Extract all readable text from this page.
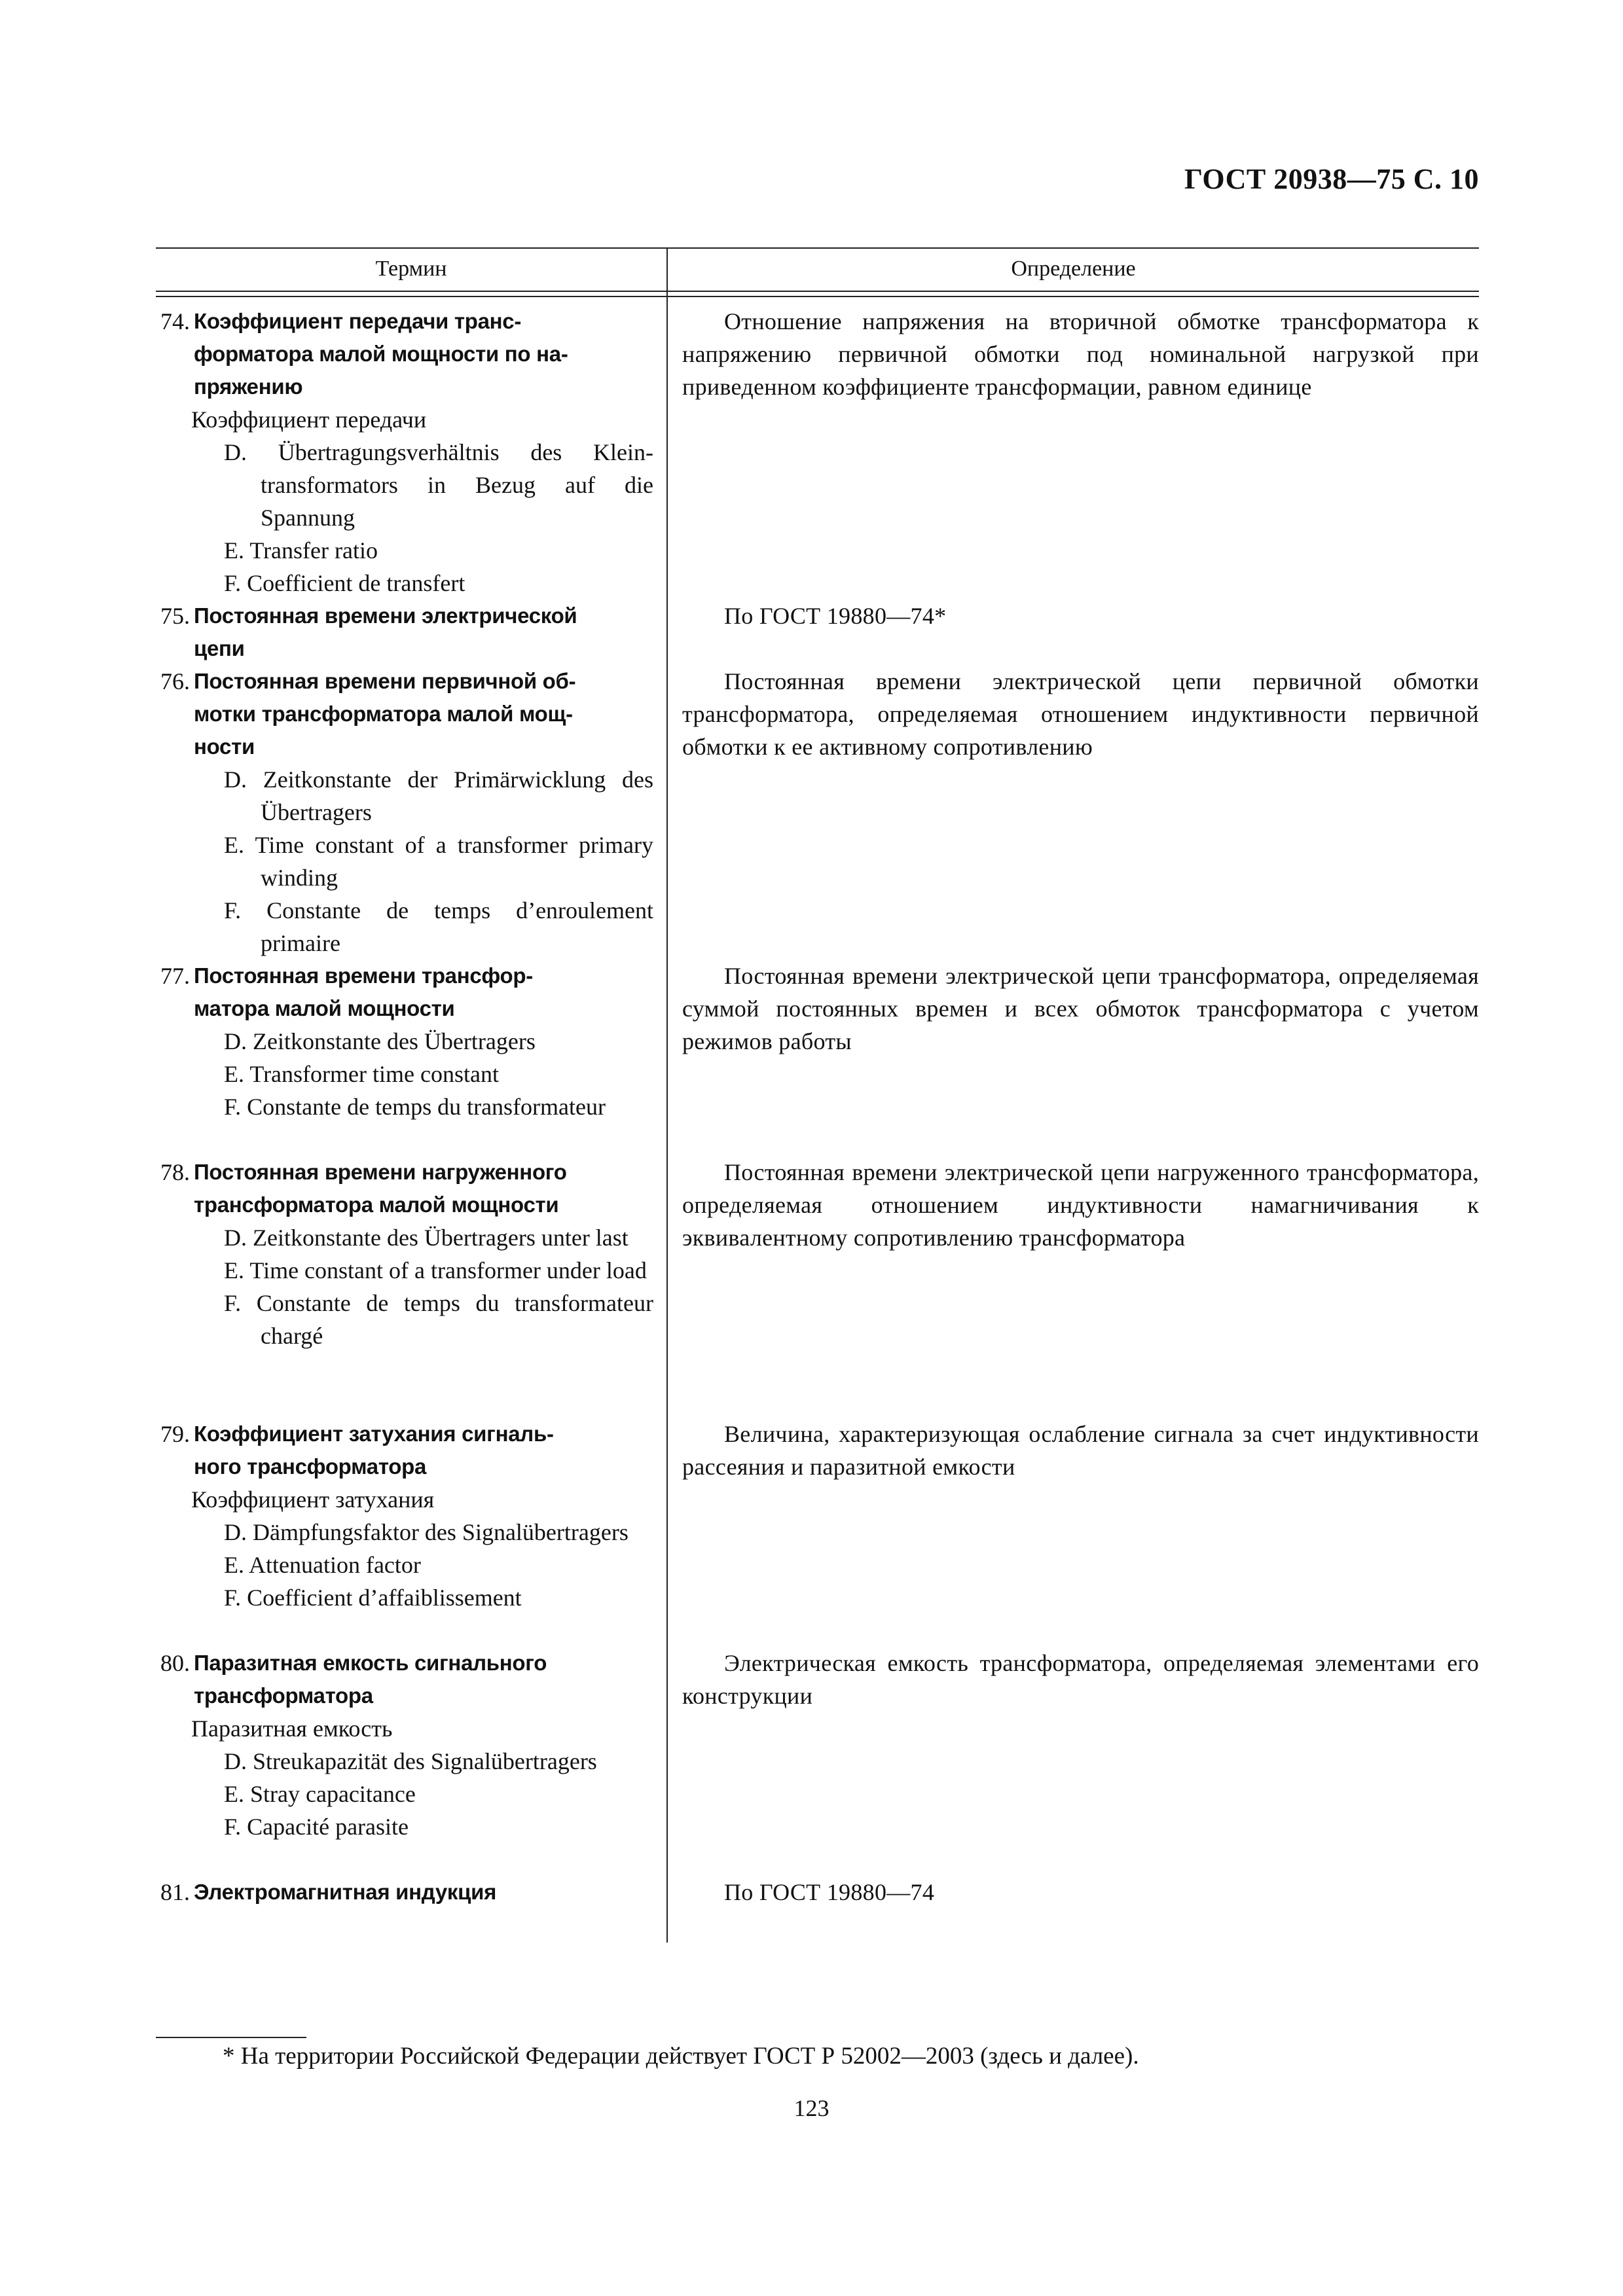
ГОСТ 20938—75 С. 10
Термин	Определение
74. Коэффициент передачи транс-
форматора малой мощности по на-
пряжению
Коэффициент передачи
D. Übertragungsverhältnis des Klein-transformators in Bezug auf die Spannung
E. Transfer ratio
F. Coefficient de transfert
Отношение напряжения на вторичной обмотке трансформатора к напряжению первичной обмотки под номинальной нагрузкой при приведенном коэффициенте трансформации, равном единице
75. Постоянная времени электрической
цепи
По ГОСТ 19880—74*
76. Постоянная времени первичной об-
мотки трансформатора малой мощ-
ности
D. Zeitkonstante der Primärwicklung des Übertragers
E. Time constant of a transformer primary winding
F. Constante de temps d’enroulement primaire
Постоянная времени электрической цепи первичной обмотки трансформатора, определяемая отношением индуктивности первичной обмотки к ее активному сопротивлению
77. Постоянная времени трансфор-
матора малой мощности
D. Zeitkonstante des Übertragers
E. Transformer time constant
F. Constante de temps du transformateur
Постоянная времени электрической цепи трансформатора, определяемая суммой постоянных времен и всех обмоток трансформатора с учетом режимов работы
78. Постоянная времени нагруженного
трансформатора малой мощности
D. Zeitkonstante des Übertragers unter last
E. Time constant of a transformer under load
F. Constante de temps du transformateur chargé
Постоянная времени электрической цепи нагруженного трансформатора, определяемая отношением индуктивности намагничивания к эквивалентному сопротивлению трансформатора
79. Коэффициент затухания сигналь-
ного трансформатора
Коэффициент затухания
D. Dämpfungsfaktor des Signalübertragers
E. Attenuation factor
F. Coefficient d’affaiblissement
Величина, характеризующая ослабление сигнала за счет индуктивности рассеяния и паразитной емкости
80. Паразитная емкость сигнального
трансформатора
Паразитная емкость
D. Streukapazität des Signalübertragers
E. Stray capacitance
F. Capacité parasite
Электрическая емкость трансформатора, определяемая элементами его конструкции
81. Электромагнитная индукция	По ГОСТ 19880—74
* На территории Российской Федерации действует ГОСТ Р 52002—2003 (здесь и далее).
123
